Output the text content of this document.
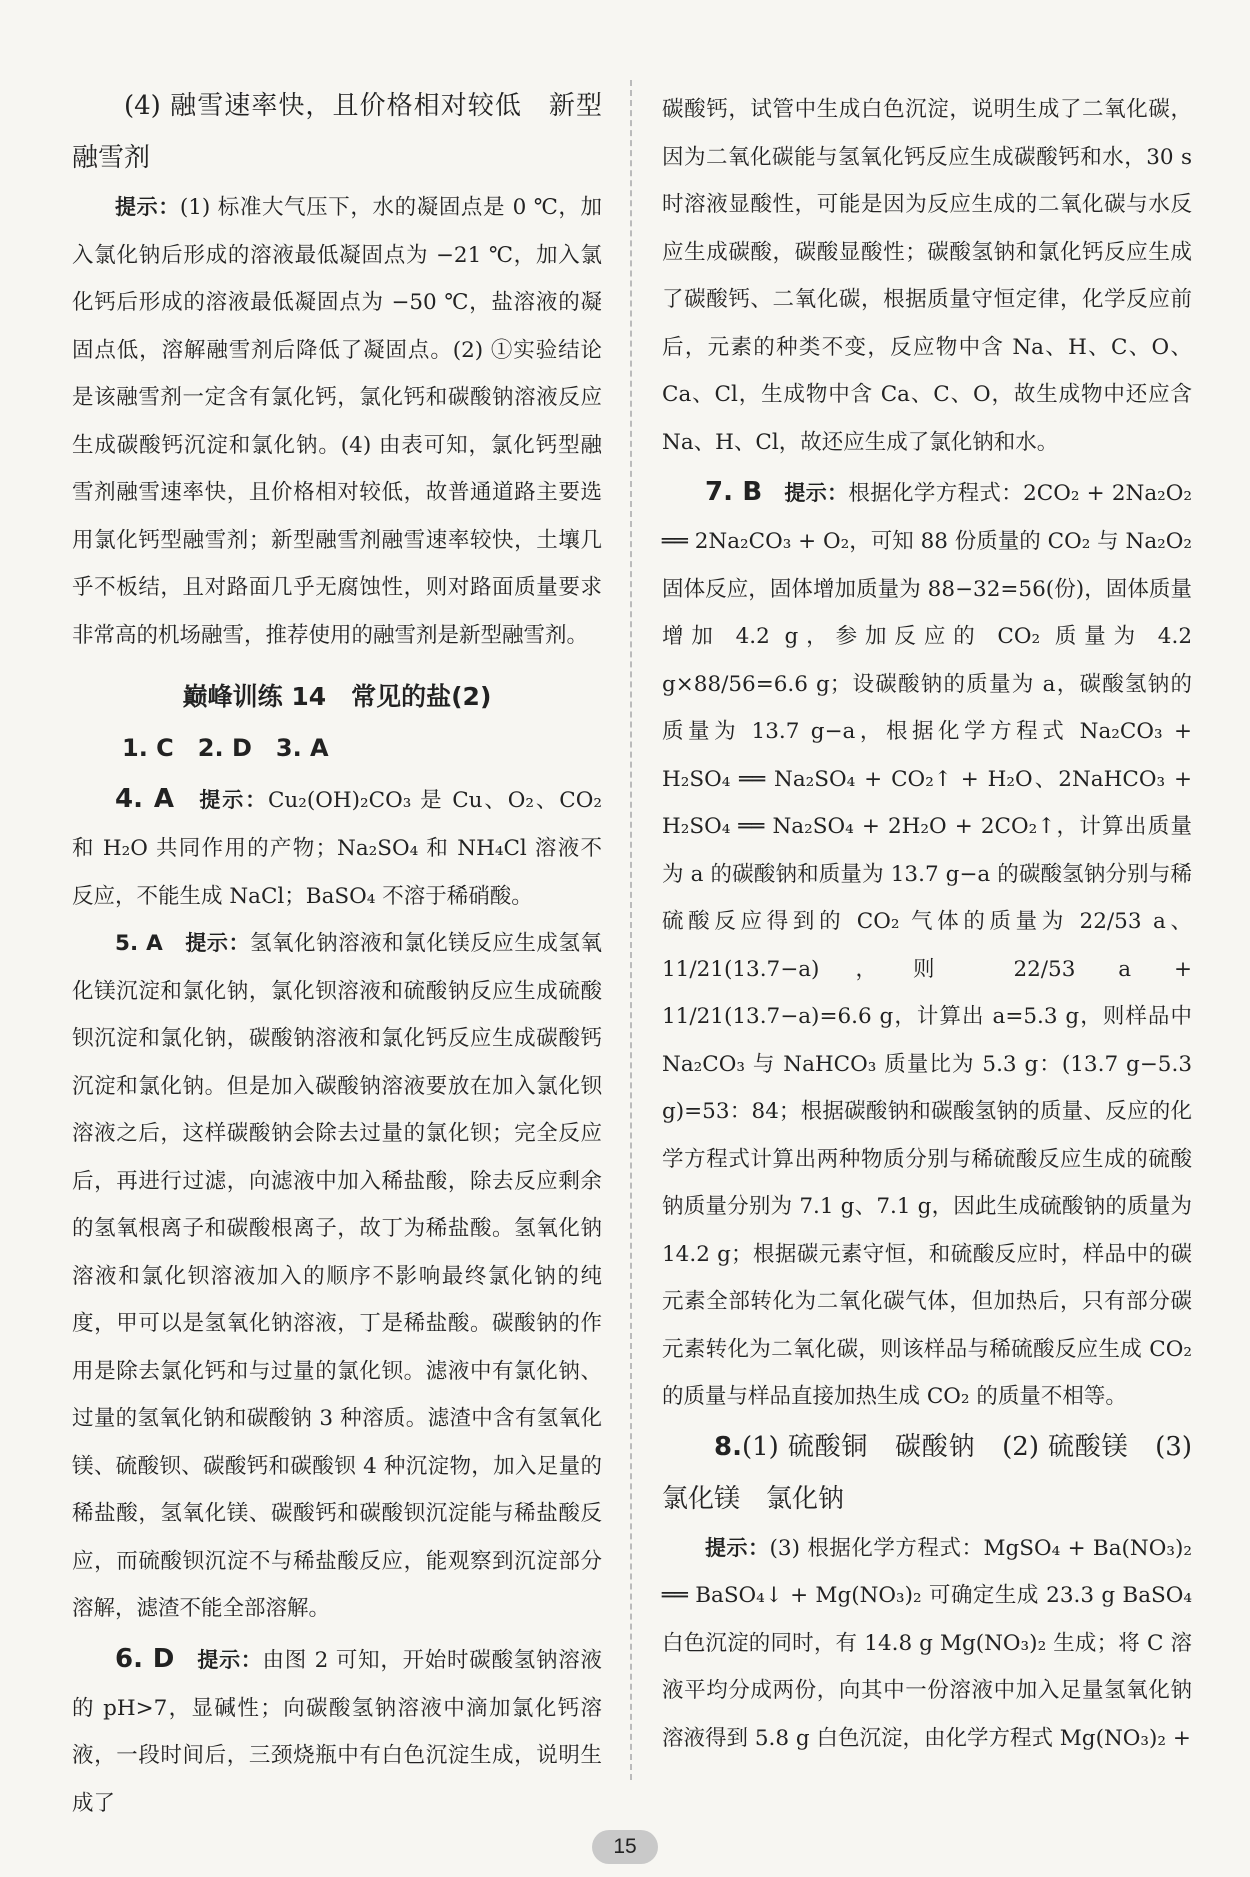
(4) 融雪速率快，且价格相对较低　新型融雪剂

提示：(1) 标准大气压下，水的凝固点是 0 ℃，加入氯化钠后形成的溶液最低凝固点为 −21 ℃，加入氯化钙后形成的溶液最低凝固点为 −50 ℃，盐溶液的凝固点低，溶解融雪剂后降低了凝固点。(2) ①实验结论是该融雪剂一定含有氯化钙，氯化钙和碳酸钠溶液反应生成碳酸钙沉淀和氯化钠。(4) 由表可知，氯化钙型融雪剂融雪速率快，且价格相对较低，故普通道路主要选用氯化钙型融雪剂；新型融雪剂融雪速率较快，土壤几乎不板结，且对路面几乎无腐蚀性，则对路面质量要求非常高的机场融雪，推荐使用的融雪剂是新型融雪剂。

巅峰训练 14　常见的盐(2)

1. C　2. D　3. A

4. A　 提示：Cu₂(OH)₂CO₃ 是 Cu、O₂、CO₂ 和 H₂O 共同作用的产物；Na₂SO₄ 和 NH₄Cl 溶液不反应，不能生成 NaCl；BaSO₄ 不溶于稀硝酸。

5. A　 提示：氢氧化钠溶液和氯化镁反应生成氢氧化镁沉淀和氯化钠，氯化钡溶液和硫酸钠反应生成硫酸钡沉淀和氯化钠，碳酸钠溶液和氯化钙反应生成碳酸钙沉淀和氯化钠。但是加入碳酸钠溶液要放在加入氯化钡溶液之后，这样碳酸钠会除去过量的氯化钡；完全反应后，再进行过滤，向滤液中加入稀盐酸，除去反应剩余的氢氧根离子和碳酸根离子，故丁为稀盐酸。氢氧化钠溶液和氯化钡溶液加入的顺序不影响最终氯化钠的纯度，甲可以是氢氧化钠溶液，丁是稀盐酸。碳酸钠的作用是除去氯化钙和与过量的氯化钡。滤液中有氯化钠、过量的氢氧化钠和碳酸钠 3 种溶质。滤渣中含有氢氧化镁、硫酸钡、碳酸钙和碳酸钡 4 种沉淀物，加入足量的稀盐酸，氢氧化镁、碳酸钙和碳酸钡沉淀能与稀盐酸反应，而硫酸钡沉淀不与稀盐酸反应，能观察到沉淀部分溶解，滤渣不能全部溶解。

6. D　 提示：由图 2 可知，开始时碳酸氢钠溶液的 pH>7，显碱性；向碳酸氢钠溶液中滴加氯化钙溶液，一段时间后，三颈烧瓶中有白色沉淀生成，说明生成了

碳酸钙，试管中生成白色沉淀，说明生成了二氧化碳，因为二氧化碳能与氢氧化钙反应生成碳酸钙和水，30 s 时溶液显酸性，可能是因为反应生成的二氧化碳与水反应生成碳酸，碳酸显酸性；碳酸氢钠和氯化钙反应生成了碳酸钙、二氧化碳，根据质量守恒定律，化学反应前后，元素的种类不变，反应物中含 Na、H、C、O、Ca、Cl，生成物中含 Ca、C、O，故生成物中还应含 Na、H、Cl，故还应生成了氯化钠和水。

7. B　 提示：根据化学方程式：2CO₂ + 2Na₂O₂ ══ 2Na₂CO₃ + O₂，可知 88 份质量的 CO₂ 与 Na₂O₂ 固体反应，固体增加质量为 88−32=56(份)，固体质量增加 4.2 g，参加反应的 CO₂ 质量为 4.2 g×88/56=6.6 g；设碳酸钠的质量为 a，碳酸氢钠的质量为 13.7 g−a，根据化学方程式 Na₂CO₃ + H₂SO₄ ══ Na₂SO₄ + CO₂↑ + H₂O、2NaHCO₃ + H₂SO₄ ══ Na₂SO₄ + 2H₂O + 2CO₂↑，计算出质量为 a 的碳酸钠和质量为 13.7 g−a 的碳酸氢钠分别与稀硫酸反应得到的 CO₂ 气体的质量为 22/53 a、11/21(13.7−a)，则 22/53 a + 11/21(13.7−a)=6.6 g，计算出 a=5.3 g，则样品中 Na₂CO₃ 与 NaHCO₃ 质量比为 5.3 g：(13.7 g−5.3 g)=53：84；根据碳酸钠和碳酸氢钠的质量、反应的化学方程式计算出两种物质分别与稀硫酸反应生成的硫酸钠质量分别为 7.1 g、7.1 g，因此生成硫酸钠的质量为 14.2 g；根据碳元素守恒，和硫酸反应时，样品中的碳元素全部转化为二氧化碳气体，但加热后，只有部分碳元素转化为二氧化碳，则该样品与稀硫酸反应生成 CO₂ 的质量与样品直接加热生成 CO₂ 的质量不相等。

8.(1) 硫酸铜　碳酸钠　(2) 硫酸镁　(3) 氯化镁　氯化钠

提示：(3) 根据化学方程式：MgSO₄ + Ba(NO₃)₂ ══ BaSO₄↓ + Mg(NO₃)₂ 可确定生成 23.3 g BaSO₄ 白色沉淀的同时，有 14.8 g Mg(NO₃)₂ 生成；将 C 溶液平均分成两份，向其中一份溶液中加入足量氢氧化钠溶液得到 5.8 g 白色沉淀，由化学方程式 Mg(NO₃)₂ +

15
